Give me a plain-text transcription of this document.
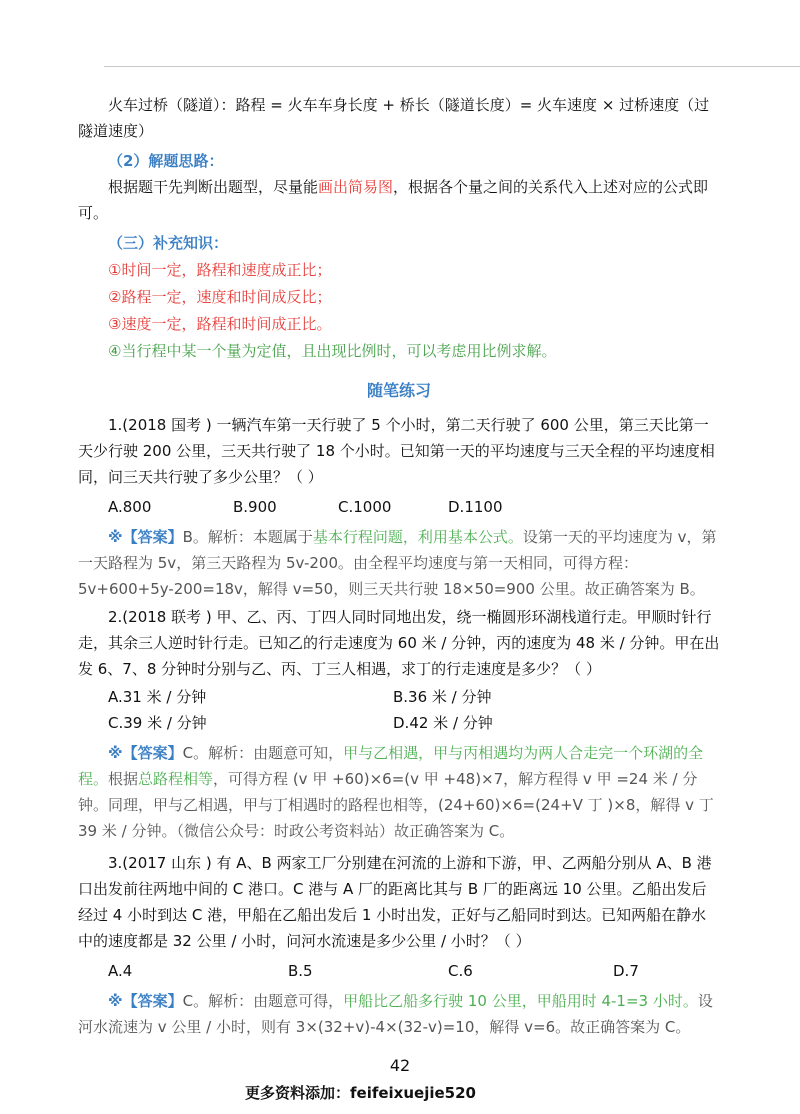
火车过桥（隧道）：路程 = 火车车身长度 + 桥长（隧道长度）= 火车速度 × 过桥速度（过隧道速度）

（2）解题思路：

根据题干先判断出题型，尽量能画出简易图，根据各个量之间的关系代入上述对应的公式即可。

（三）补充知识：

①时间一定，路程和速度成正比；

②路程一定，速度和时间成反比；

③速度一定，路程和时间成正比。

④当行程中某一个量为定值，且出现比例时，可以考虑用比例求解。

随笔练习

1.(2018 国考 ) 一辆汽车第一天行驶了 5 个小时，第二天行驶了 600 公里，第三天比第一天少行驶 200 公里，三天共行驶了 18 个小时。已知第一天的平均速度与三天全程的平均速度相同，问三天共行驶了多少公里？（ ）

A.800	B.900	C.1000	D.1100

※【答案】B。解析：本题属于基本行程问题，利用基本公式。设第一天的平均速度为 v，第一天路程为 5v，第三天路程为 5v-200。由全程平均速度与第一天相同，可得方程：5v+600+5y-200=18v，解得 v=50，则三天共行驶 18×50=900 公里。故正确答案为 B。

2.(2018 联考 ) 甲、乙、丙、丁四人同时同地出发，绕一椭圆形环湖栈道行走。甲顺时针行走，其余三人逆时针行走。已知乙的行走速度为 60 米 / 分钟，丙的速度为 48 米 / 分钟。甲在出发 6、7、8 分钟时分别与乙、丙、丁三人相遇，求丁的行走速度是多少？（ ）

A.31 米 / 分钟	B.36 米 / 分钟
C.39 米 / 分钟	D.42 米 / 分钟

※【答案】C。解析：由题意可知，甲与乙相遇，甲与丙相遇均为两人合走完一个环湖的全程。根据总路程相等，可得方程 (v 甲 +60)×6=(v 甲 +48)×7，解方程得 v 甲 =24 米 / 分钟。同理，甲与乙相遇，甲与丁相遇时的路程也相等，(24+60)×6=(24+V 丁 )×8，解得 v 丁 39 米 / 分钟。（微信公众号：时政公考资料站）故正确答案为 C。

3.(2017 山东 ) 有 A、B 两家工厂分别建在河流的上游和下游，甲、乙两船分别从 A、B 港口出发前往两地中间的 C 港口。C 港与 A 厂的距离比其与 B 厂的距离远 10 公里。乙船出发后经过 4 小时到达 C 港，甲船在乙船出发后 1 小时出发，正好与乙船同时到达。已知两船在静水中的速度都是 32 公里 / 小时，问河水流速是多少公里 / 小时？（ ）

A.4	B.5	C.6	D.7

※【答案】C。解析：由题意可得，甲船比乙船多行驶 10 公里，甲船用时 4-1=3 小时。设河水流速为 v 公里 / 小时，则有 3×(32+v)-4×(32-v)=10，解得 v=6。故正确答案为 C。

42
更多资料添加：feifeixuejie520
